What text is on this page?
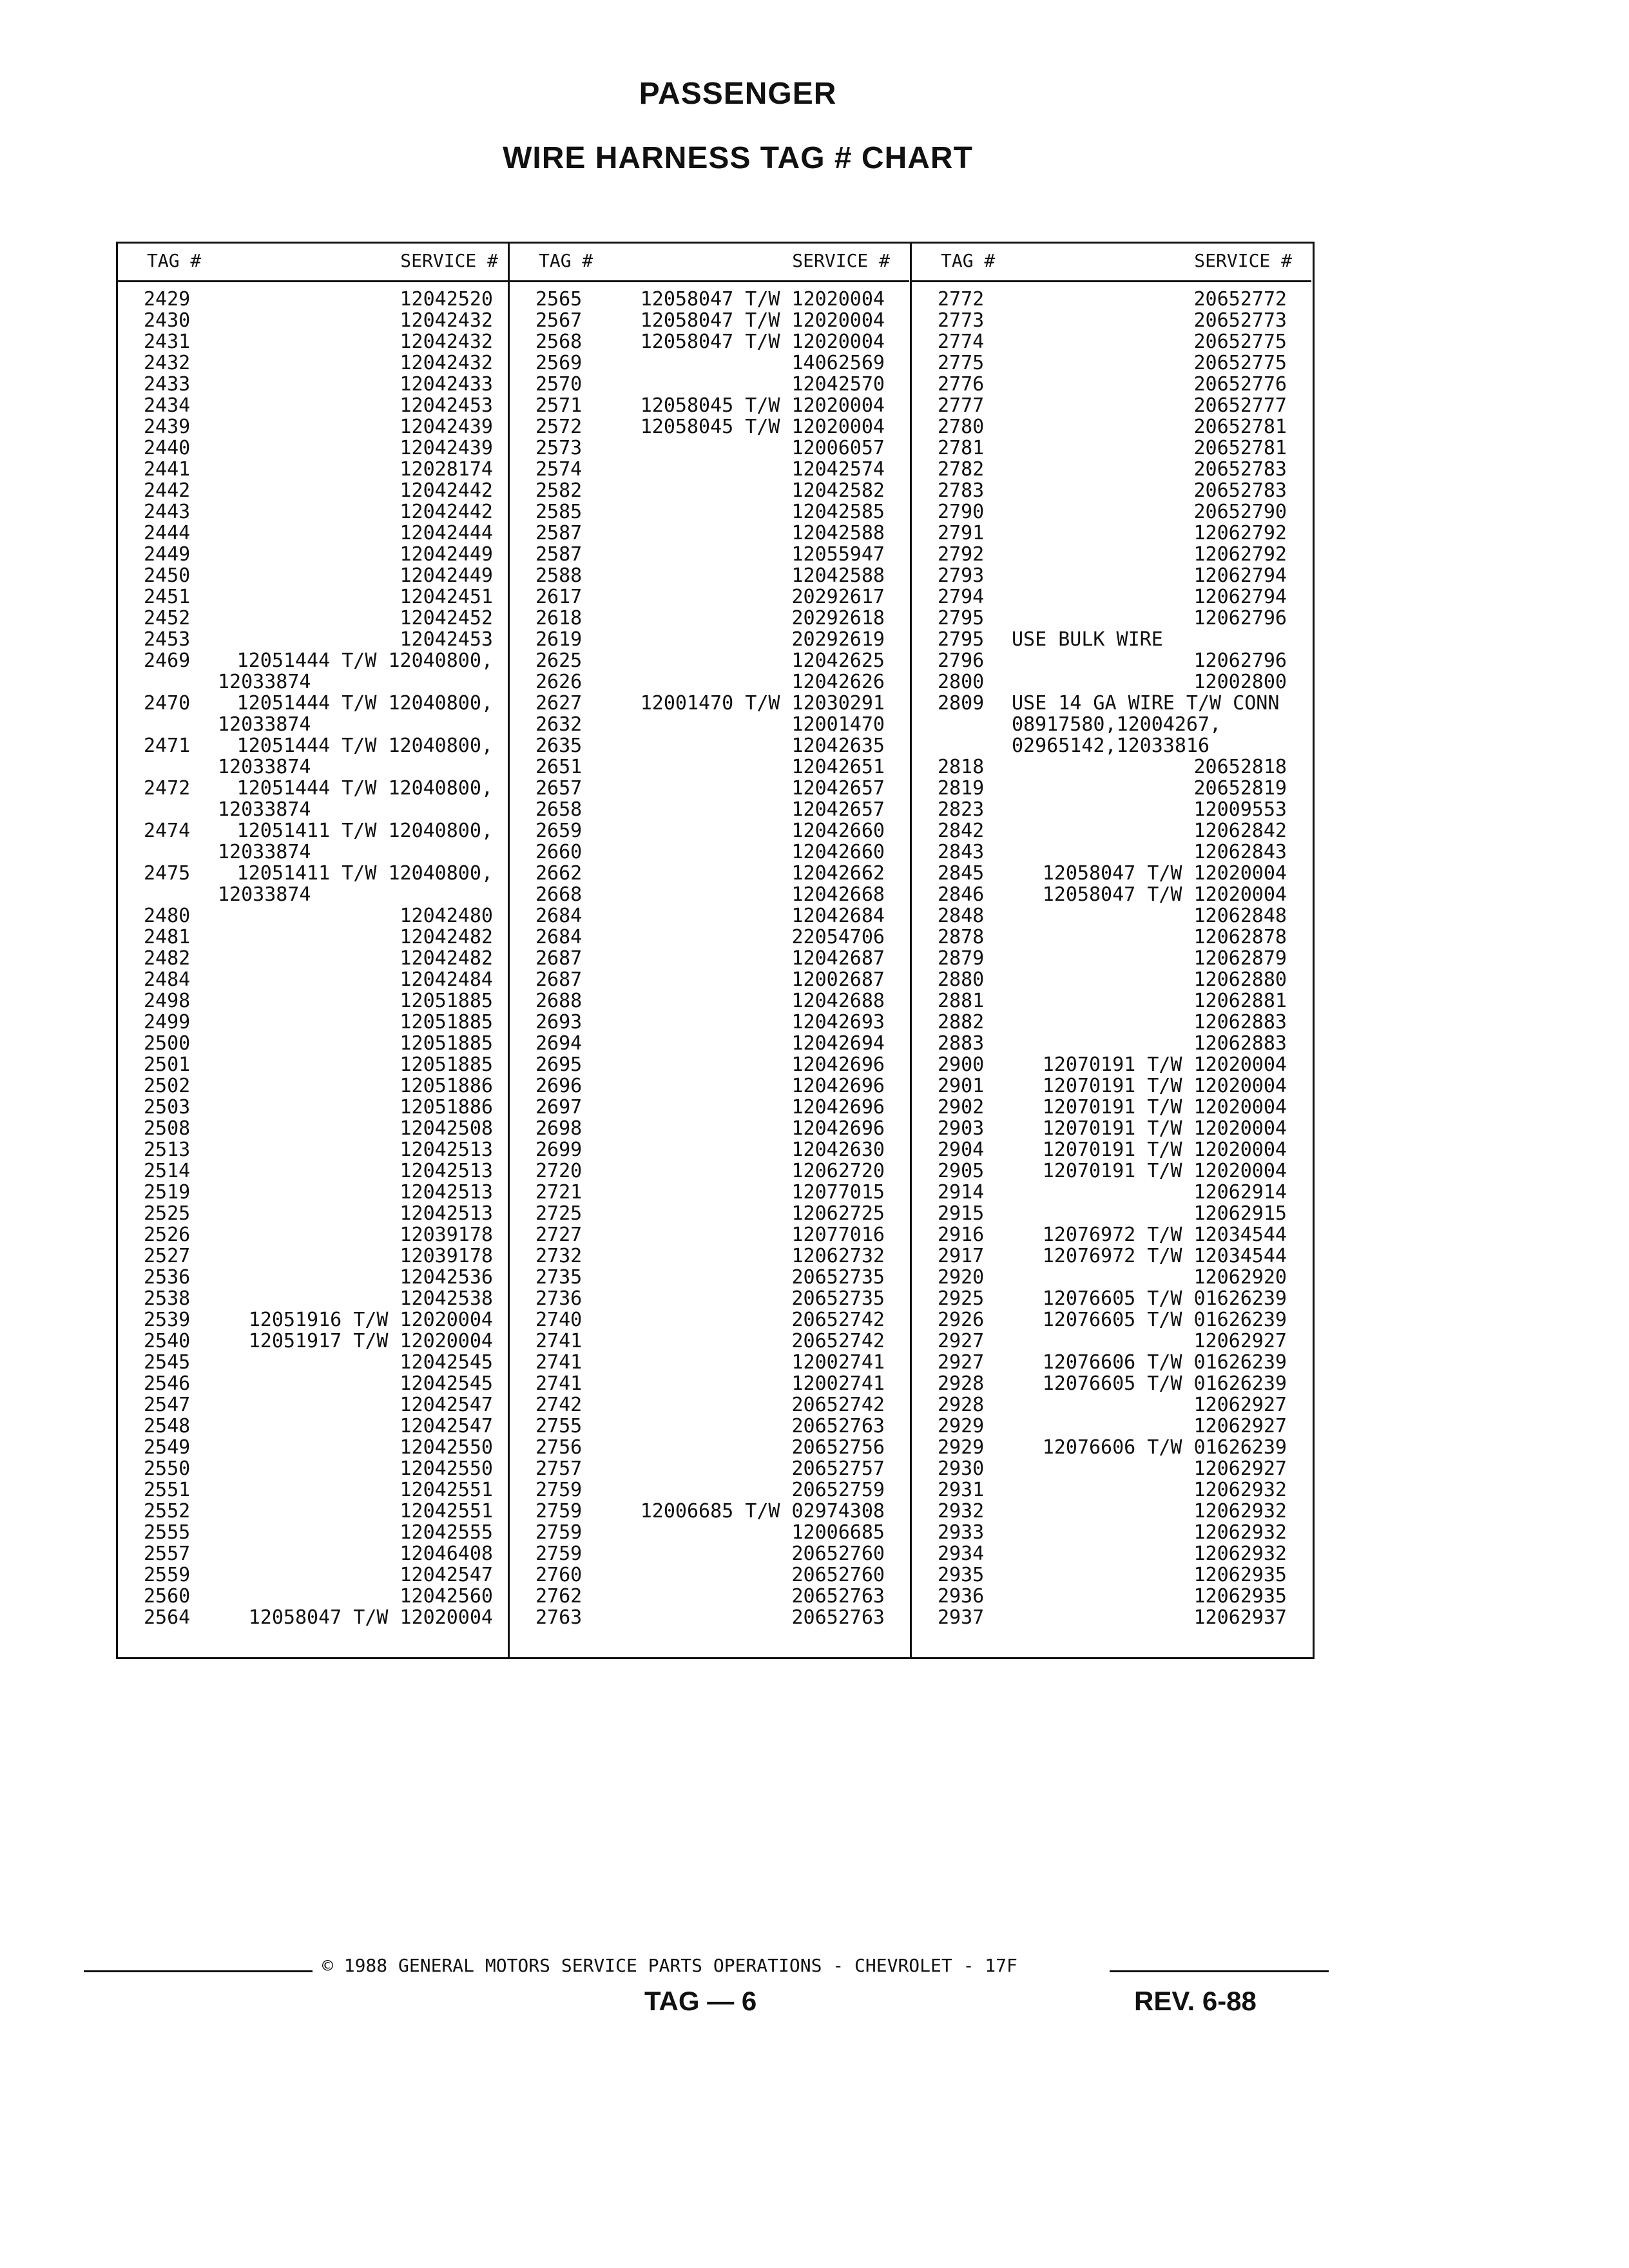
PASSENGER
WIRE HARNESS TAG # CHART
TAG #	SERVICE #
2429	12042520
2430	12042432
2431	12042432
2432	12042432
2433	12042433
2434	12042453
2439	12042439
2440	12042439
2441	12028174
2442	12042442
2443	12042442
2444	12042444
2449	12042449
2450	12042449
2451	12042451
2452	12042452
2453	12042453
2469 12051444 T/W 12040800,
12033874
2470 12051444 T/W 12040800,
12033874
2471 12051444 T/W 12040800,
12033874
2472 12051444 T/W 12040800,
12033874
2474 12051411 T/W 12040800,
12033874
2475 12051411 T/W 12040800,
12033874
2480	12042480
2481	12042482
2482	12042482
2484	12042484
2498	12051885
2499	12051885
2500	12051885
2501	12051885
2502	12051886
2503	12051886
2508	12042508
2513	12042513
2514	12042513
2519	12042513
2525	12042513
2526	12039178
2527	12039178
2536	12042536
2538	12042538
2539	12051916 T/W 12020004
2540	12051917 T/W 12020004
2545	12042545
2546	12042545
2547	12042547
2548	12042547
2549	12042550
2550	12042550
2551	12042551
2552	12042551
2555	12042555
2557	12046408
2559	12042547
2560	12042560
2564	12058047 T/W 12020004
TAG #	SERVICE #
2565	12058047 T/W 12020004
2567	12058047 T/W 12020004
2568	12058047 T/W 12020004
2569	14062569
2570	12042570
2571	12058045 T/W 12020004
2572	12058045 T/W 12020004
2573	12006057
2574	12042574
2582	12042582
2585	12042585
2587	12042588
2587	12055947
2588	12042588
2617	20292617
2618	20292618
2619	20292619
2625	12042625
2626	12042626
2627	12001470 T/W 12030291
2632	12001470
2635	12042635
2651	12042651
2657	12042657
2658	12042657
2659	12042660
2660	12042660
2662	12042662
2668	12042668
2684	12042684
2684	22054706
2687	12042687
2687	12002687
2688	12042688
2693	12042693
2694	12042694
2695	12042696
2696	12042696
2697	12042696
2698	12042696
2699	12042630
2720	12062720
2721	12077015
2725	12062725
2727	12077016
2732	12062732
2735	20652735
2736	20652735
2740	20652742
2741	20652742
2741	12002741
2741	12002741
2742	20652742
2755	20652763
2756	20652756
2757	20652757
2759	20652759
2759	12006685 T/W 02974308
2759	12006685
2759	20652760
2760	20652760
2762	20652763
2763	20652763
TAG #	SERVICE #
2772	20652772
2773	20652773
2774	20652775
2775	20652775
2776	20652776
2777	20652777
2780	20652781
2781	20652781
2782	20652783
2783	20652783
2790	20652790
2791	12062792
2792	12062792
2793	12062794
2794	12062794
2795	12062796
2795 USE BULK WIRE
2796	12062796
2800	12002800
2809 USE 14 GA WIRE T/W CONN
08917580,12004267,
02965142,12033816
2818	20652818
2819	20652819
2823	12009553
2842	12062842
2843	12062843
2845	12058047 T/W 12020004
2846	12058047 T/W 12020004
2848	12062848
2878	12062878
2879	12062879
2880	12062880
2881	12062881
2882	12062883
2883	12062883
2900	12070191 T/W 12020004
2901	12070191 T/W 12020004
2902	12070191 T/W 12020004
2903	12070191 T/W 12020004
2904	12070191 T/W 12020004
2905	12070191 T/W 12020004
2914	12062914
2915	12062915
2916	12076972 T/W 12034544
2917	12076972 T/W 12034544
2920	12062920
2925	12076605 T/W 01626239
2926	12076605 T/W 01626239
2927	12062927
2927	12076606 T/W 01626239
2928	12076605 T/W 01626239
2928	12062927
2929	12062927
2929	12076606 T/W 01626239
2930	12062927
2931	12062932
2932	12062932
2933	12062932
2934	12062932
2935	12062935
2936	12062935
2937	12062937
© 1988 GENERAL MOTORS SERVICE PARTS OPERATIONS - CHEVROLET - 17F
TAG — 6	REV. 6-88
